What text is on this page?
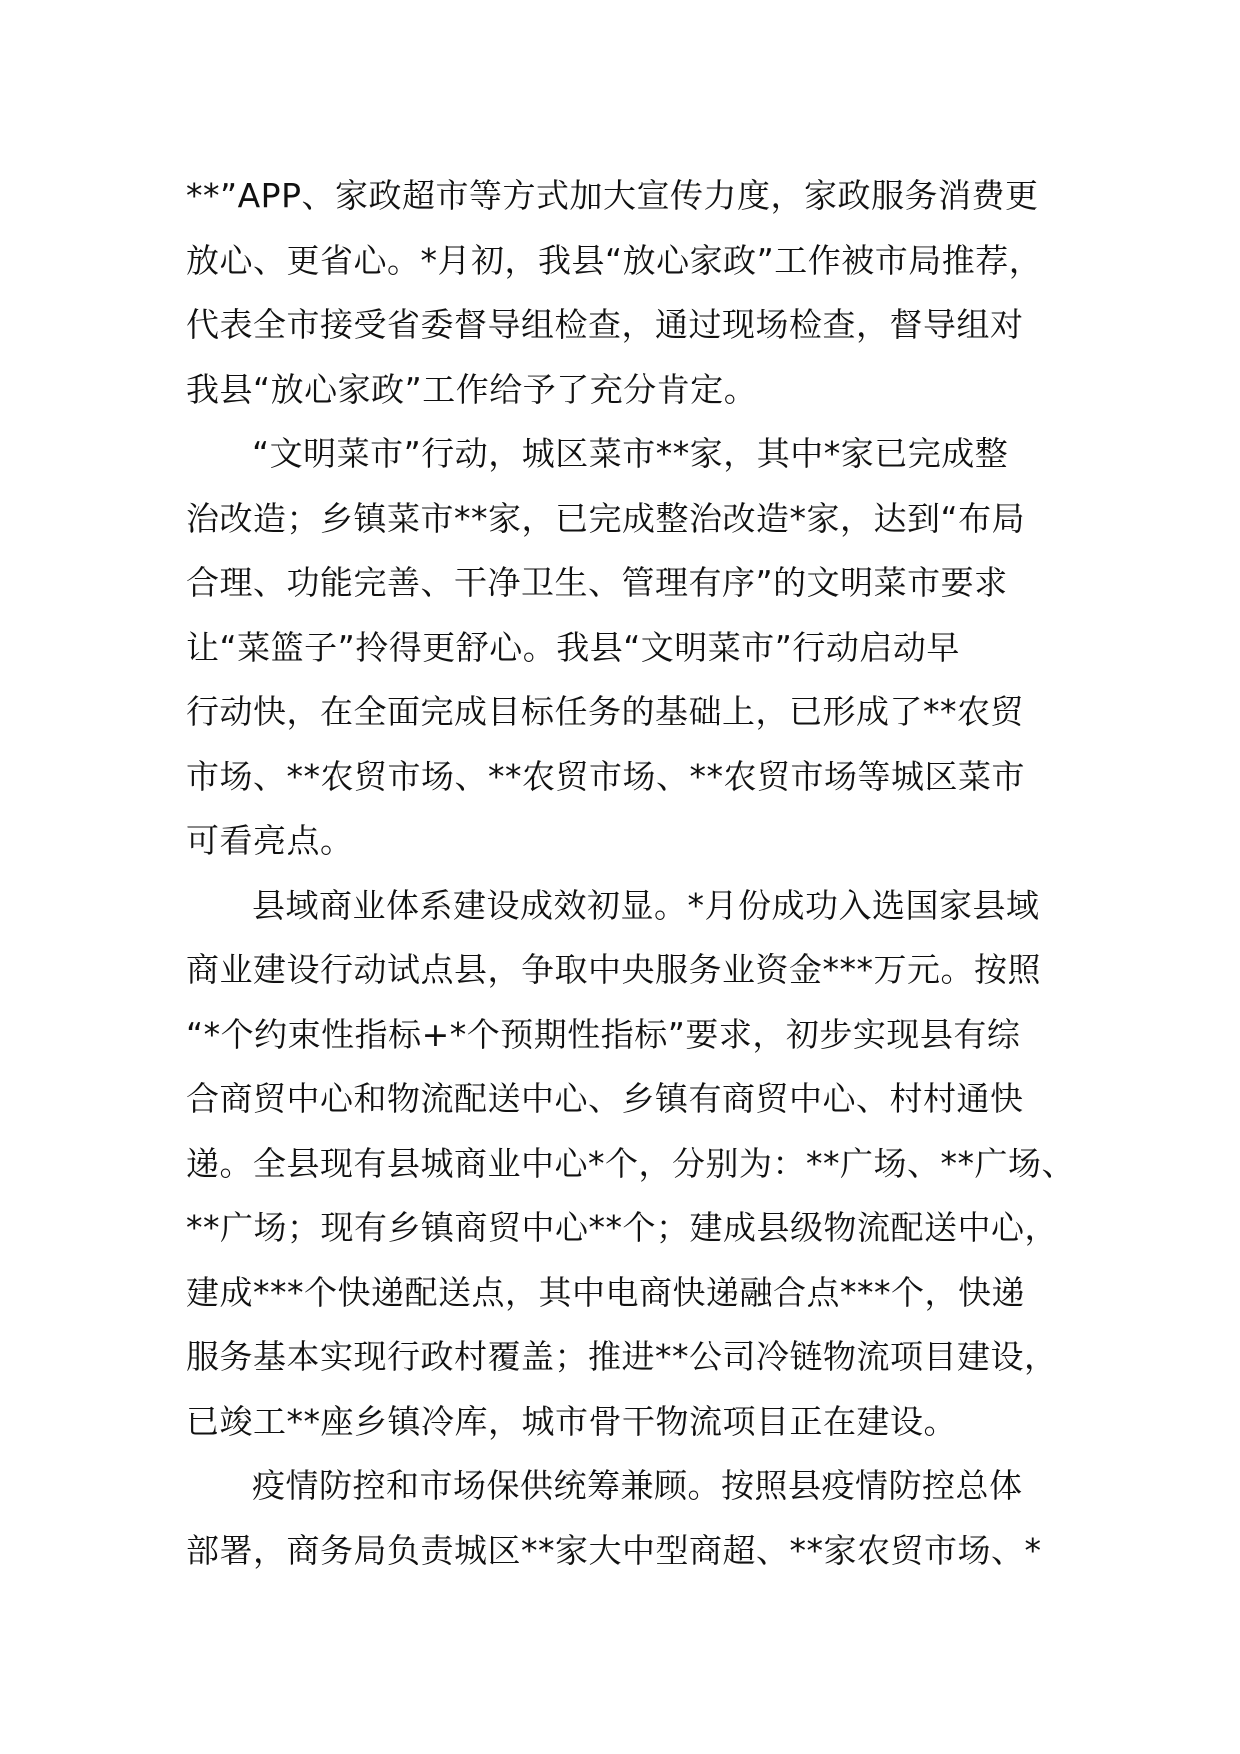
**”APP、家政超市等方式加大宣传力度，家政服务消费更
放心、更省心。*月初，我县“放心家政”工作被市局推荐，
代表全市接受省委督导组检查，通过现场检查，督导组对
我县“放心家政”工作给予了充分肯定。
“文明菜市”行动，城区菜市**家，其中*家已完成整
治改造；乡镇菜市**家，已完成整治改造*家，达到“布局
合理、功能完善、干净卫生、管理有序”的文明菜市要求
让“菜篮子”拎得更舒心。我县“文明菜市”行动启动早
行动快，在全面完成目标任务的基础上，已形成了**农贸
市场、**农贸市场、**农贸市场、**农贸市场等城区菜市
可看亮点。
县域商业体系建设成效初显。*月份成功入选国家县域
商业建设行动试点县，争取中央服务业资金***万元。按照
“*个约束性指标+*个预期性指标”要求，初步实现县有综
合商贸中心和物流配送中心、乡镇有商贸中心、村村通快
递。全县现有县城商业中心*个，分别为：**广场、**广场、
**广场；现有乡镇商贸中心**个；建成县级物流配送中心，
建成***个快递配送点，其中电商快递融合点***个，快递
服务基本实现行政村覆盖；推进**公司冷链物流项目建设，
已竣工**座乡镇冷库，城市骨干物流项目正在建设。
疫情防控和市场保供统筹兼顾。按照县疫情防控总体
部署，商务局负责城区**家大中型商超、**家农贸市场、*
